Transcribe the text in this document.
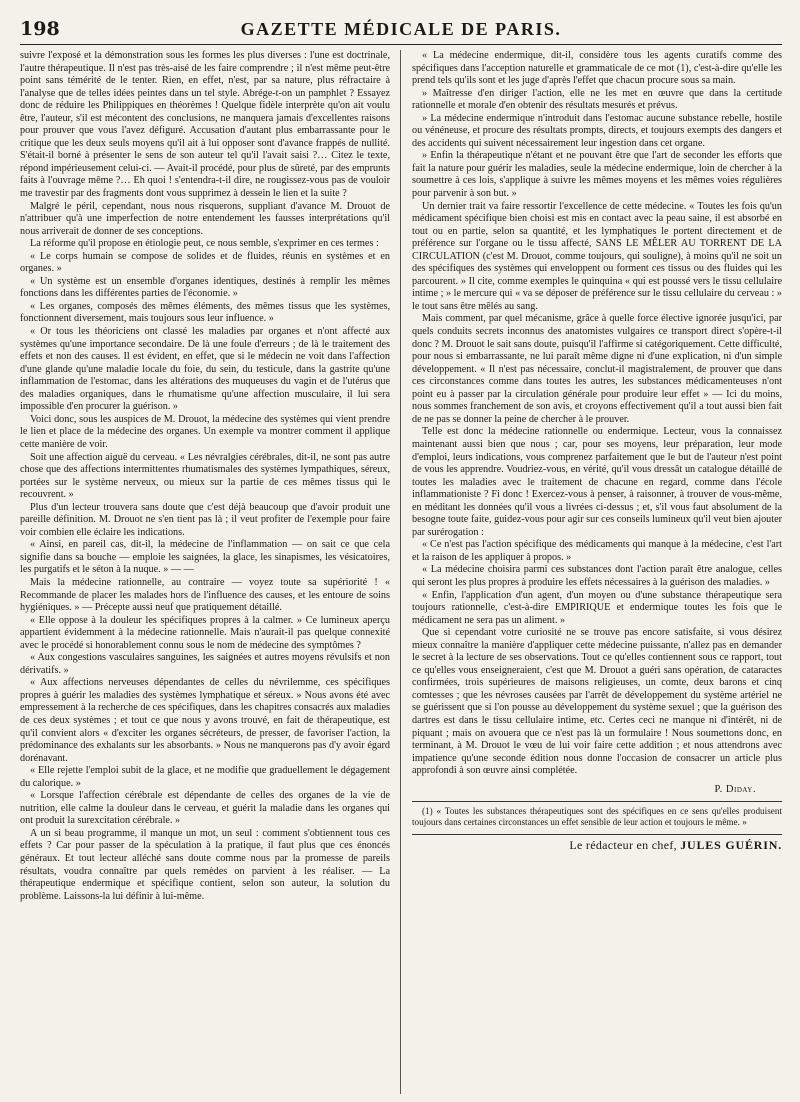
198	GAZETTE MÉDICALE DE PARIS.

suivre l'exposé et la démonstration sous les formes les plus diverses : l'une est doctrinale, l'autre thérapeutique. Il n'est pas très-aisé de les faire comprendre ; il n'est même peut-être point sans témérité de le tenter. Rien, en effet, n'est, par sa nature, plus réfractaire à l'analyse que de telles idées peintes dans un tel style. Abrége-t-on un pamphlet ? Essayez donc de réduire les Philippiques en théorèmes ! Quelque fidèle interprète qu'on ait voulu être, l'auteur, s'il est mécontent des conclusions, ne manquera jamais d'excellentes raisons pour prouver que vous l'avez défiguré. Accusation d'autant plus embarrassante pour le critique que les deux seuls moyens qu'il ait à lui opposer sont d'avance frappés de nullité. S'était-il borné à présenter le sens de son auteur tel qu'il l'avait saisi ?… Citez le texte, répond impérieusement celui-ci. — Avait-il procédé, pour plus de sûreté, par des emprunts faits à l'ouvrage même ?… Eh quoi ! s'entendra-t-il dire, ne rougissez-vous pas de vouloir me travestir par des fragments dont vous supprimez à dessein le lien et la suite ?

Malgré le péril, cependant, nous nous risquerons, suppliant d'avance M. Drouot de n'attribuer qu'à une imperfection de notre entendement les fausses interprétations qu'il nous arriverait de donner de ses conceptions.

La réforme qu'il propose en étiologie peut, ce nous semble, s'exprimer en ces termes :

« Le corps humain se compose de solides et de fluides, réunis en systèmes et en organes. »

« Un système est un ensemble d'organes identiques, destinés à remplir les mêmes fonctions dans les différentes parties de l'économie. »

« Les organes, composés des mêmes éléments, des mêmes tissus que les systèmes, fonctionnent diversement, mais toujours sous leur influence. »

« Or tous les théoriciens ont classé les maladies par organes et n'ont affecté aux systèmes qu'une importance secondaire. De là une foule d'erreurs ; de là le traitement des effets et non des causes. Il est évident, en effet, que si le médecin ne voit dans l'affection d'une glande qu'une maladie locale du foie, du sein, du testicule, dans la gastrite qu'une inflammation de l'estomac, dans les altérations des muqueuses du vagin et de l'utérus que des maladies organiques, dans le rhumatisme qu'une affection musculaire, il lui sera impossible d'en procurer la guérison. »

Voici donc, sous les auspices de M. Drouot, la médecine des systèmes qui vient prendre le lien et place de la médecine des organes. Un exemple va montrer comment il applique cette manière de voir.

Soit une affection aiguë du cerveau. « Les névralgies cérébrales, dit-il, ne sont pas autre chose que des affections intermittentes rhumatismales des systèmes lympathiques, séreux, portées sur le système nerveux, ou mieux sur la partie de ces mêmes tissus qui le recouvrent. »

Plus d'un lecteur trouvera sans doute que c'est déjà beaucoup que d'avoir produit une pareille définition. M. Drouot ne s'en tient pas là ; il veut profiter de l'exemple pour faire voir combien elle éclaire les indications.

« Ainsi, en pareil cas, dit-il, la médecine de l'inflammation — on sait ce que cela signifie dans sa bouche — emploie les saignées, la glace, les sinapismes, les vésicatoires, les purgatifs et le séton à la nuque. » — —

Mais la médecine rationnelle, au contraire — voyez toute sa supériorité ! « Recommande de placer les malades hors de l'influence des causes, et les entoure de soins hygiéniques. » — Précepte aussi neuf que pratiquement détaillé.

« Elle oppose à la douleur les spécifiques propres à la calmer. » Ce lumineux aperçu appartient évidemment à la médecine rationnelle. Mais n'aurait-il pas quelque connexité avec le procédé si honorablement connu sous le nom de médecine des symptômes ?

« Aux congestions vasculaires sanguines, les saignées et autres moyens révulsifs et non dérivatifs. »

« Aux affections nerveuses dépendantes de celles du névrilemme, ces spécifiques propres à guérir les maladies des systèmes lymphatique et séreux. » Nous avons été avec empressement à la recherche de ces spécifiques, dans les chapitres consacrés aux maladies de ces deux systèmes ; et tout ce que nous y avons trouvé, en fait de thérapeutique, est qu'il convient alors « d'exciter les organes sécréteurs, de presser, de favoriser l'action, la prédominance des exhalants sur les absorbants. » Nous ne manquerons pas d'y avoir égard dorénavant.

« Elle rejette l'emploi subit de la glace, et ne modifie que graduellement le dégagement du calorique. »

« Lorsque l'affection cérébrale est dépendante de celles des organes de la vie de nutrition, elle calme la douleur dans le cerveau, et guérit la maladie dans les organes qui ont produit la surexcitation cérébrale. »

A un si beau programme, il manque un mot, un seul : comment s'obtiennent tous ces effets ? Car pour passer de la spéculation à la pratique, il faut plus que ces énoncés généraux. Et tout lecteur alléché sans doute comme nous par la promesse de pareils résultats, voudra connaître par quels remèdes on parvient à les réaliser. — La thérapeutique endermique et spécifique contient, selon son auteur, la solution du problème. Laissons-la lui définir à lui-même.

« La médecine endermique, dit-il, considère tous les agents curatifs comme des spécifiques dans l'acception naturelle et grammaticale de ce mot (1), c'est-à-dire qu'elle les prend tels qu'ils sont et les juge d'après l'effet que chacun procure sous sa main.

» Maîtresse d'en diriger l'action, elle ne les met en œuvre que dans la certitude rationnelle et morale d'en obtenir des résultats mesurés et prévus.

» La médecine endermique n'introduit dans l'estomac aucune substance rebelle, hostile ou vénéneuse, et procure des résultats prompts, directs, et toujours exempts des dangers et des accidents qui suivent nécessairement leur ingestion dans cet organe.

» Enfin la thérapeutique n'étant et ne pouvant être que l'art de seconder les efforts que fait la nature pour guérir les maladies, seule la médecine endermique, loin de chercher à la soumettre à ces lois, s'applique à suivre les mêmes moyens et les mêmes voies régulières pour parvenir à son but. »

Un dernier trait va faire ressortir l'excellence de cette médecine. « Toutes les fois qu'un médicament spécifique bien choisi est mis en contact avec la peau saine, il est absorbé en tout ou en partie, selon sa quantité, et les lymphatiques le portent directement et de préférence sur l'organe ou le tissu affecté, SANS LE MÊLER AU TORRENT DE LA CIRCULATION (c'est M. Drouot, comme toujours, qui souligne), à moins qu'il ne soit un des spécifiques des systèmes qui enveloppent ou forment ces tissus ou des fluides qui les parcourent. » Il cite, comme exemples le quinquina « qui est poussé vers le tissu cellulaire intime ; » le mercure qui « va se déposer de préférence sur le tissu cellulaire du cerveau : » le tout sans être mêlés au sang.

Mais comment, par quel mécanisme, grâce à quelle force élective ignorée jusqu'ici, par quels conduits secrets inconnus des anatomistes vulgaires ce transport direct s'opère-t-il donc ? M. Drouot le sait sans doute, puisqu'il l'affirme si catégoriquement. Cette difficulté, pour nous si embarrassante, ne lui paraît même digne ni d'une explication, ni d'un simple développement. « Il n'est pas nécessaire, conclut-il magistralement, de prouver que dans ces circonstances comme dans toutes les autres, les substances médicamenteuses n'ont point eu à passer par la circulation générale pour produire leur effet » — Ici du moins, nous sommes franchement de son avis, et croyons effectivement qu'il a tout aussi bien fait de ne pas se donner la peine de chercher à le prouver.

Telle est donc la médecine rationnelle ou endermique. Lecteur, vous la connaissez maintenant aussi bien que nous ; car, pour ses moyens, leur préparation, leur mode d'emploi, leurs indications, vous comprenez parfaitement que le but de l'auteur n'est point de vous les apprendre. Voudriez-vous, en vérité, qu'il vous dressât un catalogue détaillé de toutes les maladies avec le traitement de chacune en regard, comme dans l'école inflammationiste ? Fi donc ! Exercez-vous à penser, à raisonner, à trouver de vous-même, en méditant les données qu'il vous a livrées ci-dessus ; et, s'il vous faut absolument de la besogne toute faite, guidez-vous pour agir sur ces conseils lumineux qu'il veut bien ajouter par surérogation :

« Ce n'est pas l'action spécifique des médicaments qui manque à la médecine, c'est l'art et la raison de les appliquer à propos. »

« La médecine choisira parmi ces substances dont l'action paraît être analogue, celles qui seront les plus propres à produire les effets nécessaires à la guérison des maladies. »

« Enfin, l'application d'un agent, d'un moyen ou d'une substance thérapeutique sera toujours rationnelle, c'est-à-dire EMPIRIQUE et endermique toutes les fois que le médicament ne sera pas un aliment. »

Que si cependant votre curiosité ne se trouve pas encore satisfaite, si vous désirez mieux connaître la manière d'appliquer cette médecine puissante, n'allez pas en demander le secret à la lecture de ses observations. Tout ce qu'elles contiennent sous ce rapport, tout ce qu'elles vous enseigneraient, c'est que M. Drouot a guéri sans opération, de cataractes confirmées, trois supérieures de maisons religieuses, un comte, deux barons et cinq comtesses ; que les névroses causées par l'arrêt de développement du système artériel ne se guérissent que si l'on pousse au développement du système sexuel ; que la guérison des dartres est dans le tissu cellulaire intime, etc. Certes ceci ne manque ni d'intérêt, ni de piquant ; mais on avouera que ce n'est pas là un formulaire ! Nous soumettons donc, en terminant, à M. Drouot le vœu de lui voir faire cette addition ; et nous attendrons avec impatience qu'une seconde édition nous donne l'occasion de consacrer un article plus approfondi à son œuvre ainsi complétée.

P. Diday.

(1) « Toutes les substances thérapeutiques sont des spécifiques en ce sens qu'elles produisent toujours dans certaines circonstances un effet sensible de leur action et toujours le même. »

Le rédacteur en chef, JULES GUÉRIN.
